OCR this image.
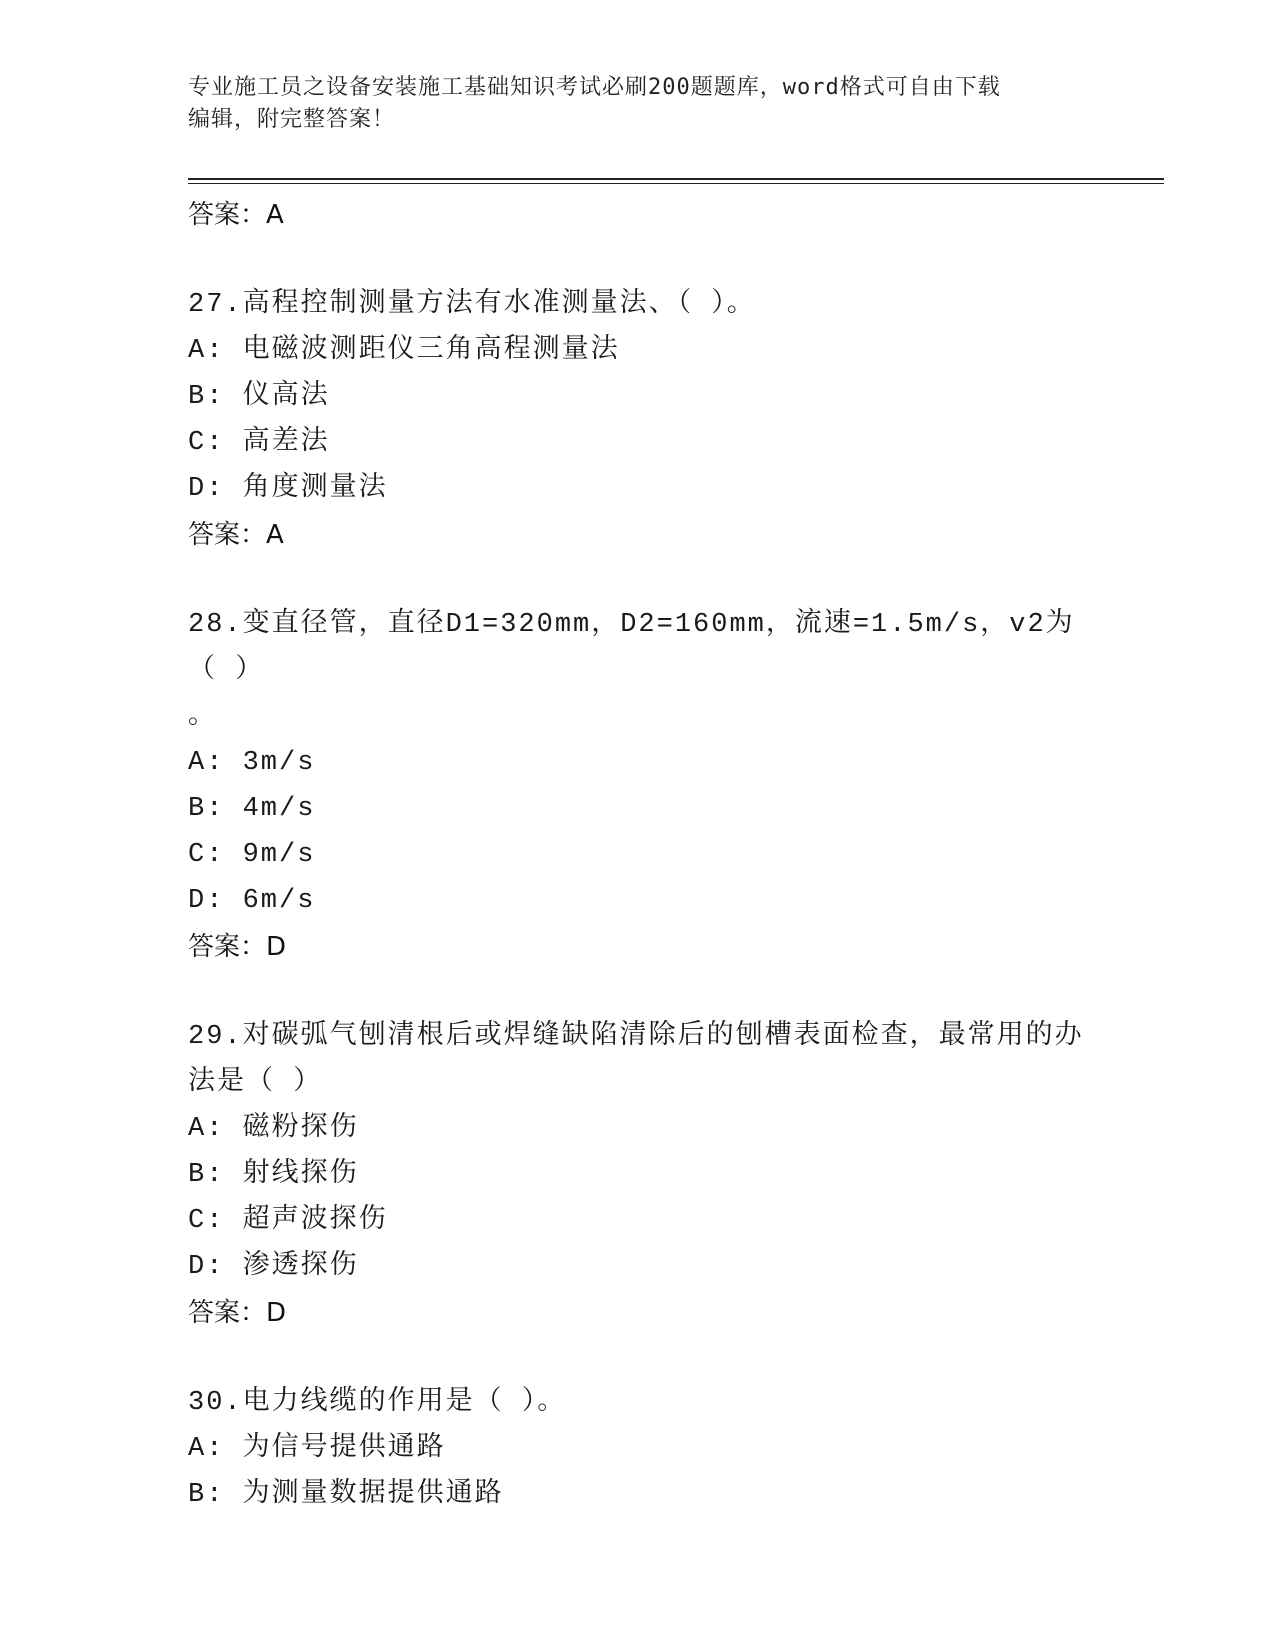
专业施工员之设备安装施工基础知识考试必刷200题题库，word格式可自由下载
编辑，附完整答案！
答案：A
27.高程控制测量方法有水准测量法、（ ）。
A: 电磁波测距仪三角高程测量法
B: 仪高法
C: 高差法
D: 角度测量法
答案：A
28.变直径管，直径D1=320mm，D2=160mm，流速=1.5m/s，v2为（ ）
。
A: 3m/s
B: 4m/s
C: 9m/s
D: 6m/s
答案：D
29.对碳弧气刨清根后或焊缝缺陷清除后的刨槽表面检查，最常用的办
法是（ ）
A: 磁粉探伤
B: 射线探伤
C: 超声波探伤
D: 渗透探伤
答案：D
30.电力线缆的作用是（ ）。
A: 为信号提供通路
B: 为测量数据提供通路
